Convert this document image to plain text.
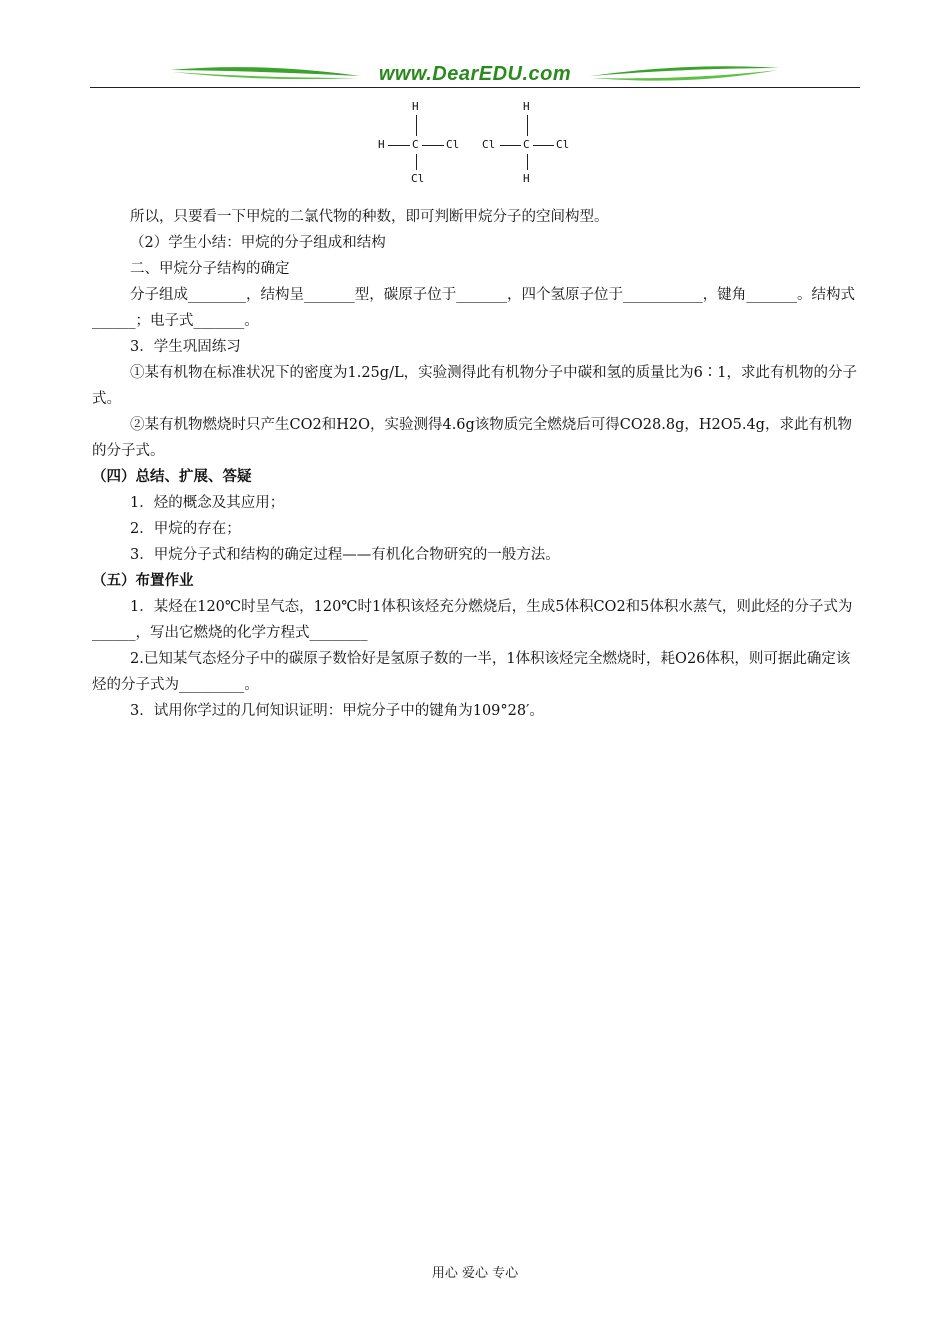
www.DearEDU.com
H
H C Cl
Cl
H
Cl	C Cl
H

所以，只要看一下甲烷的二氯代物的种数，即可判断甲烷分子的空间构型。

（2）学生小结：甲烷的分子组成和结构

二、甲烷分子结构的确定

分子组成________，结构呈_______型，碳原子位于_______，四个氢原子位于___________，键角_______。结构式______；电子式_______。

3．学生巩固练习

①某有机物在标准状况下的密度为1.25g/L，实验测得此有机物分子中碳和氢的质量比为6∶1，求此有机物的分子式。

②某有机物燃烧时只产生CO2和H2O，实验测得4.6g该物质完全燃烧后可得CO28.8g，H2O5.4g，求此有机物的分子式。

（四）总结、扩展、答疑

1．烃的概念及其应用；

2．甲烷的存在；

3．甲烷分子式和结构的确定过程——有机化合物研究的一般方法。

（五）布置作业

1．某烃在120℃时呈气态，120℃时1体积该烃充分燃烧后，生成5体积CO2和5体积水蒸气，则此烃的分子式为______，写出它燃烧的化学方程式________

2.已知某气态烃分子中的碳原子数恰好是氢原子数的一半，1体积该烃完全燃烧时，耗O26体积，则可据此确定该烃的分子式为_________。

3．试用你学过的几何知识证明：甲烷分子中的键角为109°28′。

用心 爱心 专心
